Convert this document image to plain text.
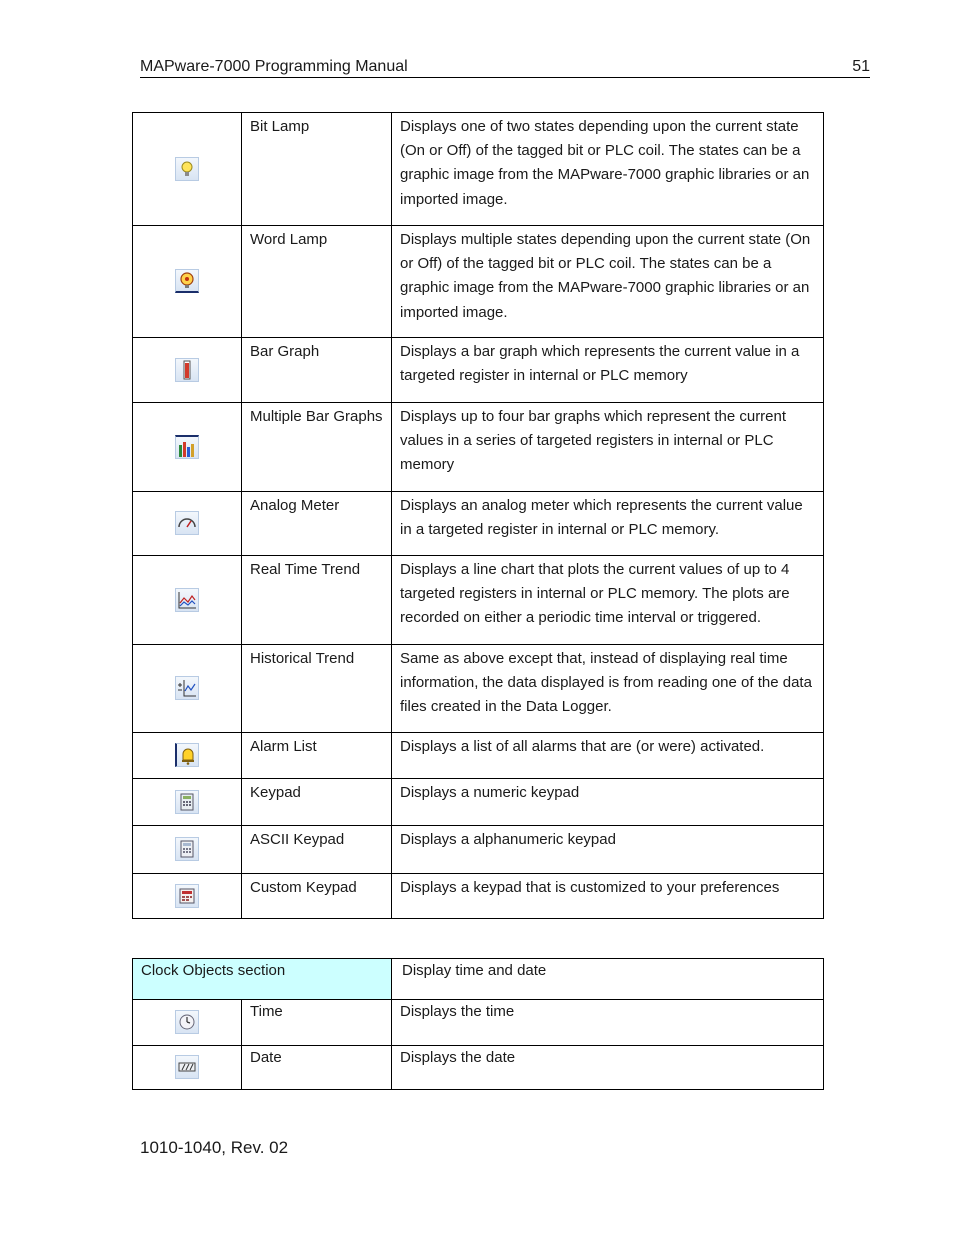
MAPware-7000 Programming Manual	51
	Bit Lamp	Displays one of two states depending upon the current state (On or Off) of the tagged bit or PLC coil. The states can be a graphic image from the MAPware-7000 graphic libraries or an imported image.

	Word Lamp	Displays multiple states depending upon the current state (On or Off) of the tagged bit or PLC coil. The states can be a graphic image from the MAPware-7000 graphic libraries or an imported image.

	Bar Graph	Displays a bar graph which represents the current value in a targeted register in internal or PLC memory

	Multiple Bar Graphs	Displays up to four bar graphs which represent the current values in a series of targeted registers in internal or PLC memory

	Analog Meter	Displays an analog meter which represents the current value in a targeted register in internal or PLC memory.

	Real Time Trend	Displays a line chart that plots the current values of up to 4 targeted registers in internal or PLC memory. The plots are recorded on either a periodic time interval or triggered.

	Historical Trend	Same as above except that, instead of displaying real time information, the data displayed is from reading one of the data files created in the Data Logger.

	Alarm List	Displays a list of all alarms that are (or were) activated.

	Keypad	Displays a numeric keypad

	ASCII Keypad	Displays a alphanumeric keypad

	Custom Keypad	Displays a keypad that is customized to your preferences
Clock Objects section		Display time and date

	Time	Displays the time

	Date	Displays the date
1010-1040, Rev. 02
